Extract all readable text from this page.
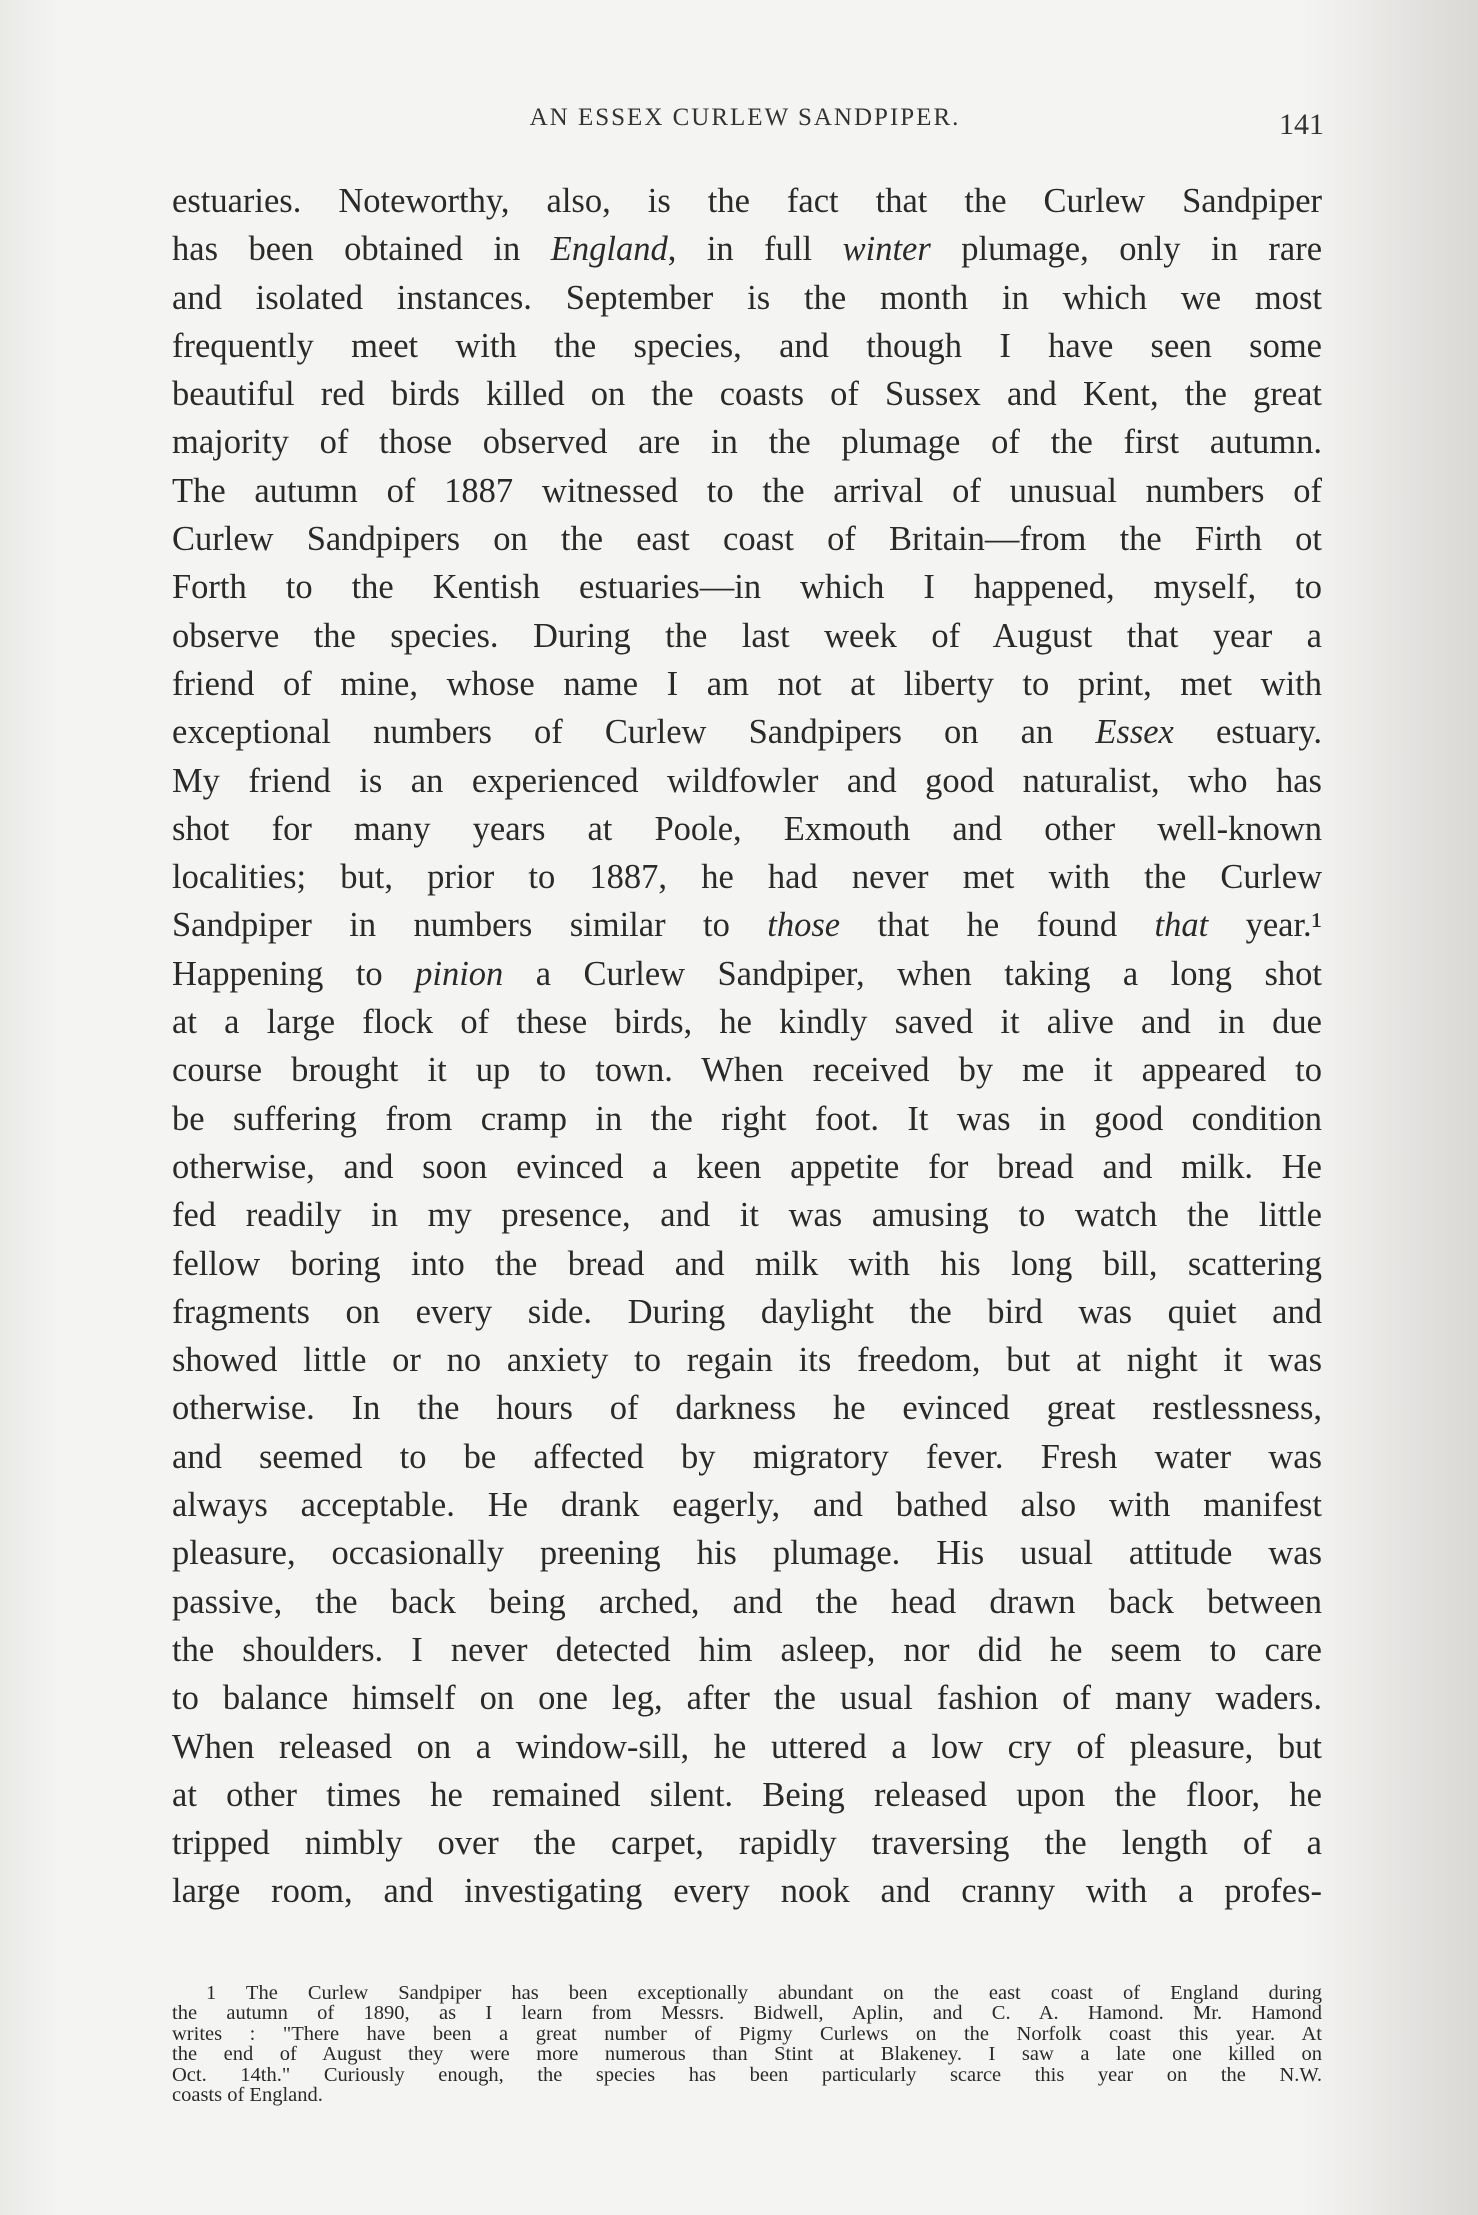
AN ESSEX CURLEW SANDPIPER.	141
estuaries. Noteworthy, also, is the fact that the Curlew Sandpiper
has been obtained in England, in full winter plumage, only in rare
and isolated instances. September is the month in which we most
frequently meet with the species, and though I have seen some
beautiful red birds killed on the coasts of Sussex and Kent, the great
majority of those observed are in the plumage of the first autumn.
The autumn of 1887 witnessed to the arrival of unusual numbers of
Curlew Sandpipers on the east coast of Britain—from the Firth ot
Forth to the Kentish estuaries—in which I happened, myself, to
observe the species. During the last week of August that year a
friend of mine, whose name I am not at liberty to print, met with
exceptional numbers of Curlew Sandpipers on an Essex estuary.
My friend is an experienced wildfowler and good naturalist, who has
shot for many years at Poole, Exmouth and other well-known
localities; but, prior to 1887, he had never met with the Curlew
Sandpiper in numbers similar to those that he found that year.¹
Happening to pinion a Curlew Sandpiper, when taking a long shot
at a large flock of these birds, he kindly saved it alive and in due
course brought it up to town. When received by me it appeared to
be suffering from cramp in the right foot. It was in good condition
otherwise, and soon evinced a keen appetite for bread and milk. He
fed readily in my presence, and it was amusing to watch the little
fellow boring into the bread and milk with his long bill, scattering
fragments on every side. During daylight the bird was quiet and
showed little or no anxiety to regain its freedom, but at night it was
otherwise. In the hours of darkness he evinced great restlessness,
and seemed to be affected by migratory fever. Fresh water was
always acceptable. He drank eagerly, and bathed also with manifest
pleasure, occasionally preening his plumage. His usual attitude was
passive, the back being arched, and the head drawn back between
the shoulders. I never detected him asleep, nor did he seem to care
to balance himself on one leg, after the usual fashion of many waders.
When released on a window-sill, he uttered a low cry of pleasure, but
at other times he remained silent. Being released upon the floor, he
tripped nimbly over the carpet, rapidly traversing the length of a
large room, and investigating every nook and cranny with a profes-
1 The Curlew Sandpiper has been exceptionally abundant on the east coast of England during
the autumn of 1890, as I learn from Messrs. Bidwell, Aplin, and C. A. Hamond. Mr. Hamond
writes : "There have been a great number of Pigmy Curlews on the Norfolk coast this year. At
the end of August they were more numerous than Stint at Blakeney. I saw a late one killed on
Oct. 14th." Curiously enough, the species has been particularly scarce this year on the N.W.
coasts of England.
